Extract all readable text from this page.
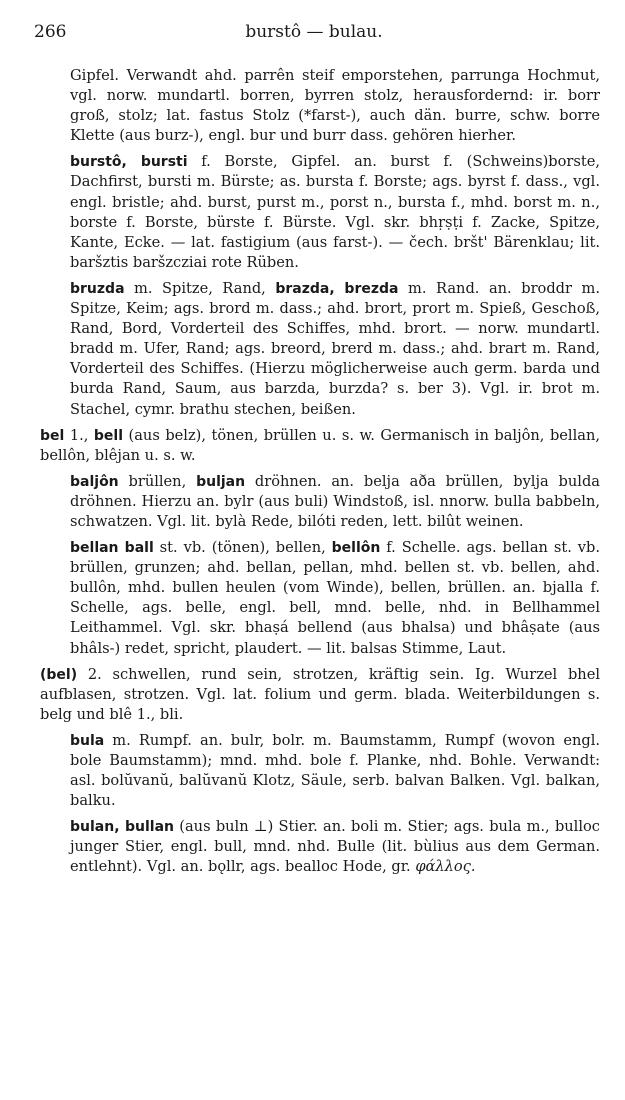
266	burstô — bulau.

Gipfel. Verwandt ahd. parrên steif emporstehen, parrunga Hochmut, vgl. norw. mundartl. borren, byrren stolz, herausfordernd: ir. borr groß, stolz; lat. fastus Stolz (*farst-), auch dän. burre, schw. borre Klette (aus burz-), engl. bur und burr dass. gehören hierher.

burstô, bursti f. Borste, Gipfel. an. burst f. (Schweins)borste, Dachfirst, bursti m. Bürste; as. bursta f. Borste; ags. byrst f. dass., vgl. engl. bristle; ahd. burst, purst m., porst n., bursta f., mhd. borst m. n., borste f. Borste, bürste f. Bürste. Vgl. skr. bhṛṣṭi f. Zacke, Spitze, Kante, Ecke. — lat. fastigium (aus farst-). — čech. bršt' Bärenklau; lit. baršztis baršzcziai rote Rüben.

bruzda m. Spitze, Rand, brazda, brezda m. Rand. an. broddr m. Spitze, Keim; ags. brord m. dass.; ahd. brort, prort m. Spieß, Geschoß, Rand, Bord, Vorderteil des Schiffes, mhd. brort. — norw. mundartl. bradd m. Ufer, Rand; ags. breord, brerd m. dass.; ahd. brart m. Rand, Vorderteil des Schiffes. (Hierzu möglicherweise auch germ. barda und burda Rand, Saum, aus barzda, burzda? s. ber 3). Vgl. ir. brot m. Stachel, cymr. brathu stechen, beißen.

bel 1., bell (aus belz), tönen, brüllen u. s. w. Germanisch in baljôn, bellan, bellôn, blêjan u. s. w.

baljôn brüllen, buljan dröhnen. an. belja aða brüllen, bylja bulda dröhnen. Hierzu an. bylr (aus buli) Windstoß, isl. nnorw. bulla babbeln, schwatzen. Vgl. lit. bylà Rede, bilóti reden, lett. bilût weinen.

bellan ball st. vb. (tönen), bellen, bellôn f. Schelle. ags. bellan st. vb. brüllen, grunzen; ahd. bellan, pellan, mhd. bellen st. vb. bellen, ahd. bullôn, mhd. bullen heulen (vom Winde), bellen, brüllen. an. bjalla f. Schelle, ags. belle, engl. bell, mnd. belle, nhd. in Bellhammel Leithammel. Vgl. skr. bhaṣá bellend (aus bhalsa) und bhâṣate (aus bhâls-) redet, spricht, plaudert. — lit. balsas Stimme, Laut.

(bel) 2. schwellen, rund sein, strotzen, kräftig sein. Ig. Wurzel bhel aufblasen, strotzen. Vgl. lat. folium und germ. blada. Weiterbildungen s. belg und blê 1., bli.

bula m. Rumpf. an. bulr, bolr. m. Baumstamm, Rumpf (wovon engl. bole Baumstamm); mnd. mhd. bole f. Planke, nhd. Bohle. Verwandt: asl. bolŭvanŭ, balŭvanŭ Klotz, Säule, serb. balvan Balken. Vgl. balkan, balku.

bulan, bullan (aus buln ⊥) Stier. an. boli m. Stier; ags. bula m., bulloc junger Stier, engl. bull, mnd. nhd. Bulle (lit. bùlius aus dem German. entlehnt). Vgl. an. bǫllr, ags. bealloc Hode, gr. φάλλος.
